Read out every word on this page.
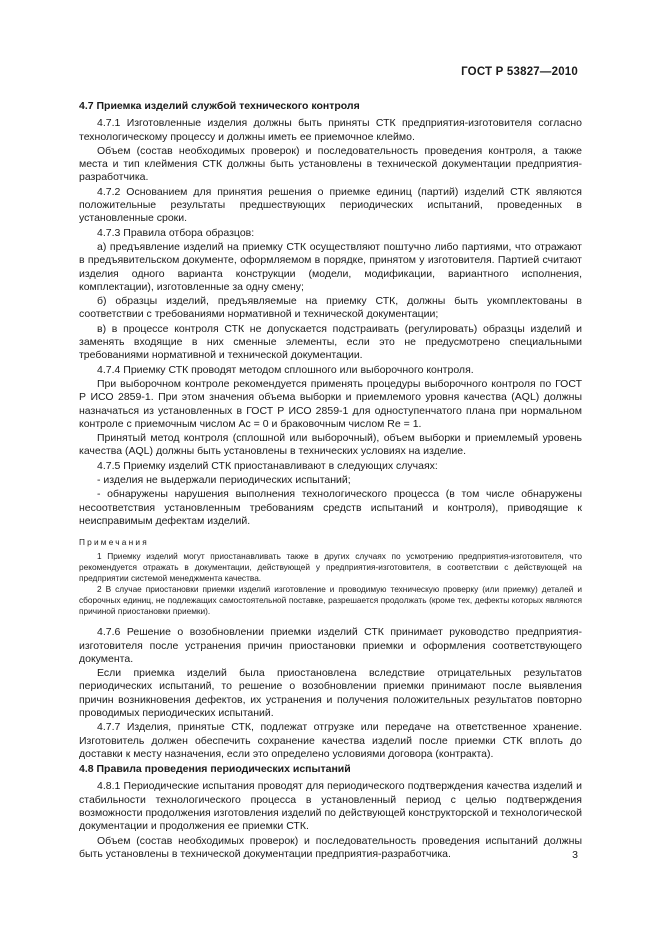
ГОСТ Р 53827—2010
4.7 Приемка изделий службой технического контроля

4.7.1 Изготовленные изделия должны быть приняты СТК предприятия-изготовителя согласно технологическому процессу и должны иметь ее приемочное клеймо.

Объем (состав необходимых проверок) и последовательность проведения контроля, а также места и тип клеймения СТК должны быть установлены в технической документации предприятия-разработчика.

4.7.2 Основанием для принятия решения о приемке единиц (партий) изделий СТК являются положительные результаты предшествующих периодических испытаний, проведенных в установленные сроки.

4.7.3 Правила отбора образцов:

а) предъявление изделий на приемку СТК осуществляют поштучно либо партиями, что отражают в предъявительском документе, оформляемом в порядке, принятом у изготовителя. Партией считают изделия одного варианта конструкции (модели, модификации, вариантного исполнения, комплектации), изготовленные за одну смену;

б) образцы изделий, предъявляемые на приемку СТК, должны быть укомплектованы в соответствии с требованиями нормативной и технической документации;

в) в процессе контроля СТК не допускается подстраивать (регулировать) образцы изделий и заменять входящие в них сменные элементы, если это не предусмотрено специальными требованиями нормативной и технической документации.

4.7.4 Приемку СТК проводят методом сплошного или выборочного контроля.

При выборочном контроле рекомендуется применять процедуры выборочного контроля по ГОСТ Р ИСО 2859-1. При этом значения объема выборки и приемлемого уровня качества (AQL) должны назначаться из установленных в ГОСТ Р ИСО 2859-1 для одноступенчатого плана при нормальном контроле с приемочным числом Ac = 0 и браковочным числом Re = 1.

Принятый метод контроля (сплошной или выборочный), объем выборки и приемлемый уровень качества (AQL) должны быть установлены в технических условиях на изделие.

4.7.5 Приемку изделий СТК приостанавливают в следующих случаях:

- изделия не выдержали периодических испытаний;

- обнаружены нарушения выполнения технологического процесса (в том числе обнаружены несоответствия установленным требованиям средств испытаний и контроля), приводящие к неисправимым дефектам изделий.

Примечания

1 Приемку изделий могут приостанавливать также в других случаях по усмотрению предприятия-изготовителя, что рекомендуется отражать в документации, действующей у предприятия-изготовителя, в соответствии с действующей на предприятии системой менеджмента качества.

2 В случае приостановки приемки изделий изготовление и проводимую техническую проверку (или приемку) деталей и сборочных единиц, не подлежащих самостоятельной поставке, разрешается продолжать (кроме тех, дефекты которых являются причиной приостановки приемки).

4.7.6 Решение о возобновлении приемки изделий СТК принимает руководство предприятия-изготовителя после устранения причин приостановки приемки и оформления соответствующего документа.

Если приемка изделий была приостановлена вследствие отрицательных результатов периодических испытаний, то решение о возобновлении приемки принимают после выявления причин возникновения дефектов, их устранения и получения положительных результатов повторно проводимых периодических испытаний.

4.7.7 Изделия, принятые СТК, подлежат отгрузке или передаче на ответственное хранение. Изготовитель должен обеспечить сохранение качества изделий после приемки СТК вплоть до доставки к месту назначения, если это определено условиями договора (контракта).

4.8 Правила проведения периодических испытаний

4.8.1 Периодические испытания проводят для периодического подтверждения качества изделий и стабильности технологического процесса в установленный период с целью подтверждения возможности продолжения изготовления изделий по действующей конструкторской и технологической документации и продолжения ее приемки СТК.

Объем (состав необходимых проверок) и последовательность проведения испытаний должны быть установлены в технической документации предприятия-разработчика.	3
